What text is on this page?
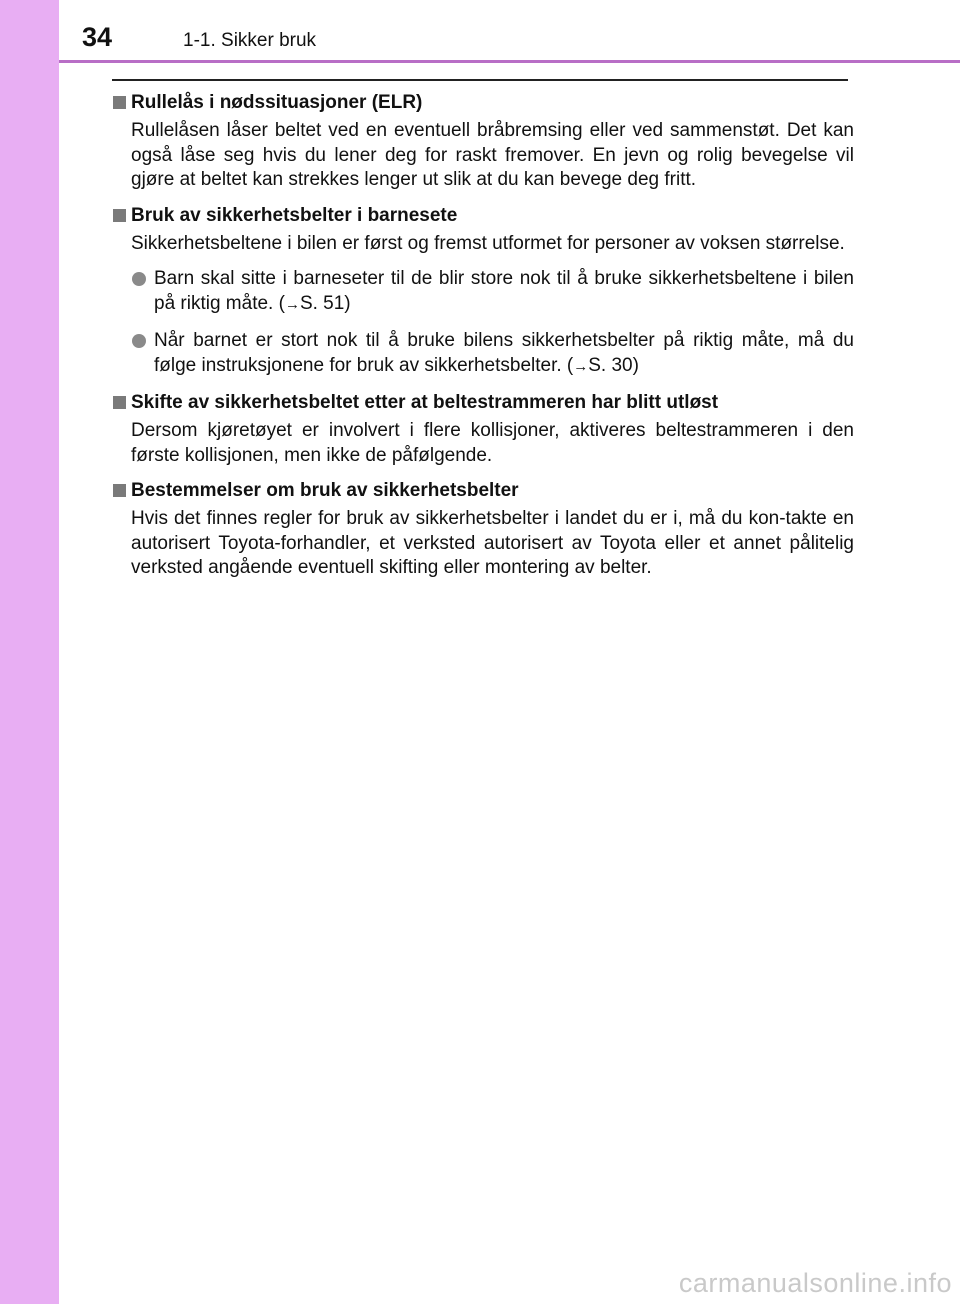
34	1-1. Sikker bruk
Rullelås i nødssituasjoner (ELR)
Rullelåsen låser beltet ved en eventuell bråbremsing eller ved sammenstøt. Det kan også låse seg hvis du lener deg for raskt fremover. En jevn og rolig bevegelse vil gjøre at beltet kan strekkes lenger ut slik at du kan bevege deg fritt.
Bruk av sikkerhetsbelter i barnesete
Sikkerhetsbeltene i bilen er først og fremst utformet for personer av voksen størrelse.
Barn skal sitte i barneseter til de blir store nok til å bruke sikkerhetsbeltene i bilen på riktig måte. (→S. 51)
Når barnet er stort nok til å bruke bilens sikkerhetsbelter på riktig måte, må du følge instruksjonene for bruk av sikkerhetsbelter. (→S. 30)
Skifte av sikkerhetsbeltet etter at beltestrammeren har blitt utløst
Dersom kjøretøyet er involvert i flere kollisjoner, aktiveres beltestrammeren i den første kollisjonen, men ikke de påfølgende.
Bestemmelser om bruk av sikkerhetsbelter
Hvis det finnes regler for bruk av sikkerhetsbelter i landet du er i, må du kon-takte en autorisert Toyota-forhandler, et verksted autorisert av Toyota eller et annet pålitelig verksted angående eventuell skifting eller montering av belter.
carmanualsonline.info
